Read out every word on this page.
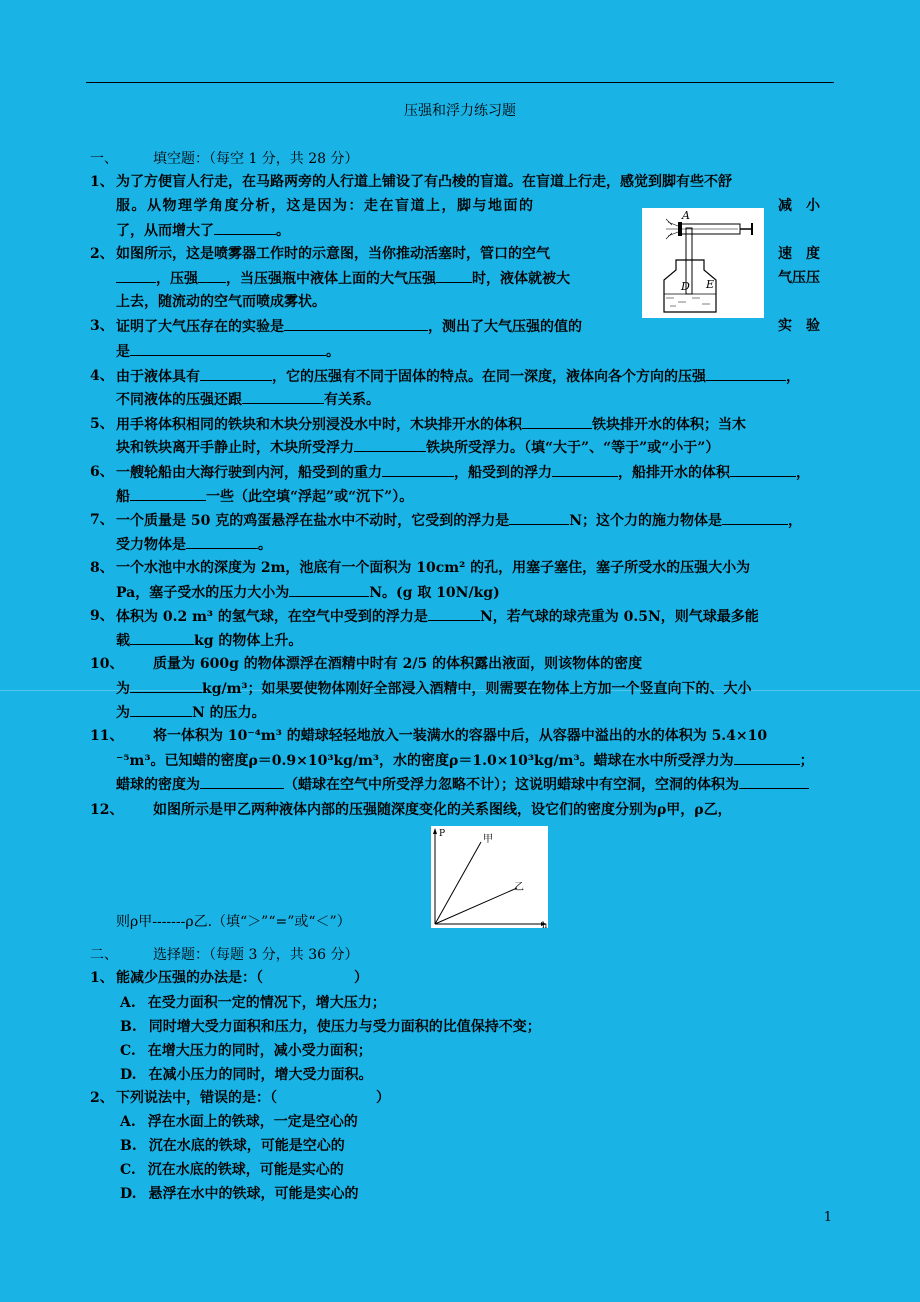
压强和浮力练习题
一、	填空题：（每空 1 分，共 28 分）
1、 为了方便盲人行走，在马路两旁的人行道上铺设了有凸棱的盲道。在盲道上行走，感觉到脚有些不舒
服。从物理学角度分析，这是因为：走在盲道上，脚与地面的	减　小
了，从而增大了	。
A
D E
2、 如图所示，这是喷雾器工作时的示意图，当你推动活塞时，管口的空气	速　度
，压强 ，当压强瓶中液体上面的大气压强	时，液体就被大	气压压
上去，随流动的空气而喷成雾状。
3、 证明了大气压存在的实验是	，测出了大气压强的值的	实　验
是	。
4、 由于液体具有	，它的压强有不同于固体的特点。在同一深度，液体向各个方向的压强	，
不同液体的压强还跟	有关系。
5、 用手将体积相同的铁块和木块分别浸没水中时，木块排开水的体积	铁块排开水的体积；当木
块和铁块离开手静止时，木块所受浮力	铁块所受浮力。（填“大于”、“等于”或“小于”）
6、 一艘轮船由大海行驶到内河，船受到的重力	，船受到的浮力	，船排开水的体积	，
船	一些（此空填“浮起”或“沉下”）。
7、 一个质量是 50 克的鸡蛋悬浮在盐水中不动时，它受到的浮力是	N；这个力的施力物体是	，
受力物体是	。
8、 一个水池中水的深度为 2m，池底有一个面积为 10cm² 的孔，用塞子塞住，塞子所受水的压强大小为
Pa，塞子受水的压力大小为	N。(g 取 10N/kg)
9、 体积为 0.2 m³ 的氢气球，在空气中受到的浮力是	N，若气球的球壳重为 0.5N，则气球最多能
载	kg 的物体上升。
10、 质量为 600g 的物体漂浮在酒精中时有 2/5 的体积露出液面，则该物体的密度
为	kg/m³；如果要使物体刚好全部浸入酒精中，则需要在物体上方加一个竖直向下的、大小
为	N 的压力。
11、 将一体积为 10⁻⁴m³ 的蜡球轻轻地放入一装满水的容器中后，从容器中溢出的水的体积为 5.4×10
⁻⁵m³。已知蜡的密度ρ＝0.9×10³kg/m³，水的密度ρ＝1.0×10³kg/m³。蜡球在水中所受浮力为	；
蜡球的密度为	（蜡球在空气中所受浮力忽略不计）；这说明蜡球中有空洞，空洞的体积为
12、 如图所示是甲乙两种液体内部的压强随深度变化的关系图线，设它们的密度分别为ρ甲，ρ乙，
P	甲
乙
h
则ρ甲-------ρ乙.（填“＞”“=”或“＜”）
二、	选择题：（每题 3 分，共 36 分）
1、 能减少压强的办法是：（	）
A. 在受力面积一定的情况下，增大压力；
B. 同时增大受力面积和压力，使压力与受力面积的比值保持不变；
C. 在增大压力的同时，减小受力面积；
D. 在减小压力的同时，增大受力面积。
2、 下列说法中，错误的是：（	）
A. 浮在水面上的铁球，一定是空心的
B. 沉在水底的铁球，可能是空心的
C. 沉在水底的铁球，可能是实心的
D. 悬浮在水中的铁球，可能是实心的
1
